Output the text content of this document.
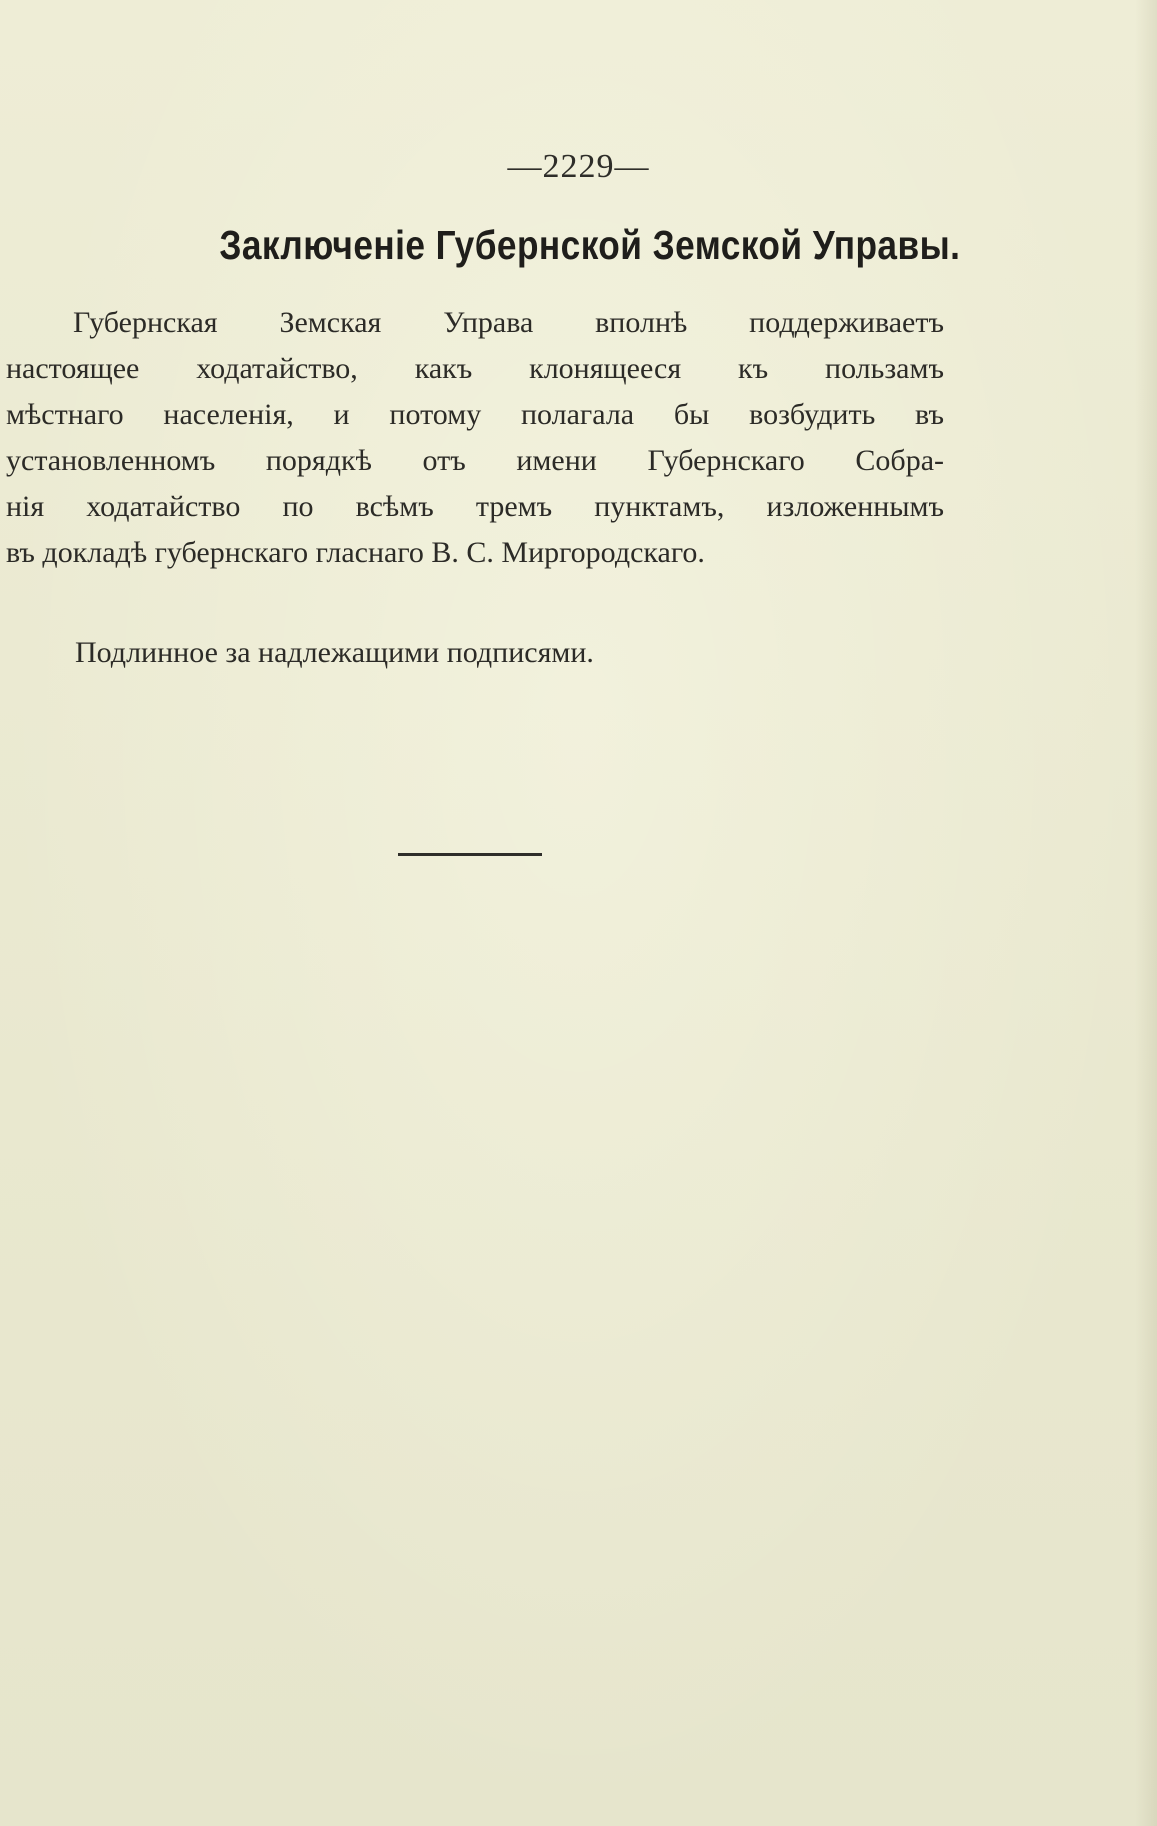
—2229—
Заключенiе Губернской Земской Управы.
Губернская Земская Управа вполнѣ поддерживаетъ
настоящее ходатайство, какъ клонящееся къ пользамъ
мѣстнаго населенiя, и потому полагала бы возбудить въ
установленномъ порядкѣ отъ имени Губернскаго Собра-
нiя ходатайство по всѣмъ тремъ пунктамъ, изложеннымъ
въ докладѣ губернскаго гласнаго В. С. Миргородскаго.
Подлинное за надлежащими подписями.
